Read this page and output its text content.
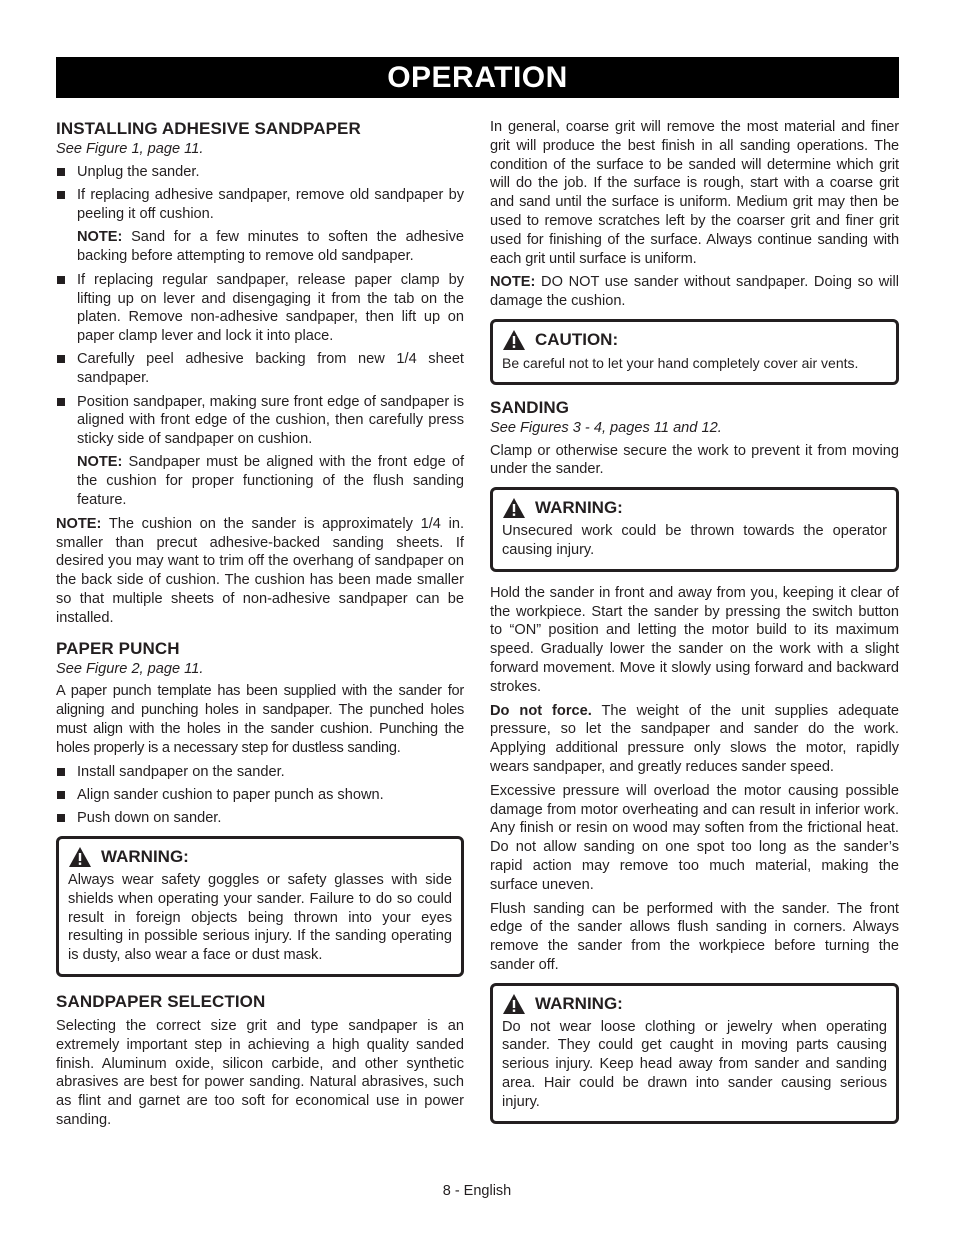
OPERATION
INSTALLING ADHESIVE SANDPAPER
See Figure 1, page 11.
Unplug the sander.
If replacing adhesive sandpaper, remove old sandpaper by peeling it off cushion.
NOTE: Sand for a few minutes to soften the adhesive backing before attempting to remove old sandpaper.
If replacing regular sandpaper, release paper clamp by lifting up on lever and disengaging it from the tab on the platen. Remove non-adhesive sandpaper, then lift up on paper clamp lever and lock it into place.
Carefully peel adhesive backing from new 1/4 sheet sandpaper.
Position sandpaper, making sure front edge of sandpaper is aligned with front edge of the cushion, then carefully press sticky side of sandpaper on cushion.
NOTE: Sandpaper must be aligned with the front edge of the cushion for proper functioning of the flush sanding feature.

NOTE: The cushion on the sander is approximately 1/4 in. smaller than precut adhesive-backed sanding sheets. If desired you may want to trim off the overhang of sandpaper on the back side of cushion. The cushion has been made smaller so that multiple sheets of non-adhesive sandpaper can be installed.

PAPER PUNCH
See Figure 2, page 11.

A paper punch template has been supplied with the sander for aligning and punching holes in sandpaper. The punched holes must align with the holes in the sander cushion. Punching the holes properly is a necessary step for dustless sanding.

Install sandpaper on the sander.
Align sander cushion to paper punch as shown.
Push down on sander.
WARNING:

Always wear safety goggles or safety glasses with side shields when operating your sander. Failure to do so could result in foreign objects being thrown into your eyes resulting in possible serious injury. If the sanding operating is dusty, also wear a face or dust mask.

SANDPAPER SELECTION

Selecting the correct size grit and type sandpaper is an extremely important step in achieving a high quality sanded finish. Aluminum oxide, silicon carbide, and other synthetic abrasives are best for power sanding. Natural abrasives, such as flint and garnet are too soft for economical use in power sanding.

In general, coarse grit will remove the most material and finer grit will produce the best finish in all sanding operations. The condition of the surface to be sanded will determine which grit will do the job. If the surface is rough, start with a coarse grit and sand until the surface is uniform. Medium grit may then be used to remove scratches left by the coarser grit and finer grit used for finishing of the surface. Always continue sanding with each grit until surface is uniform.

NOTE: DO NOT use sander without sandpaper. Doing so will damage the cushion.

CAUTION:

Be careful not to let your hand completely cover air vents.

SANDING
See Figures 3 - 4, pages 11 and 12.

Clamp or otherwise secure the work to prevent it from moving under the sander.

WARNING:

Unsecured work could be thrown towards the operator causing injury.

Hold the sander in front and away from you, keeping it clear of the workpiece. Start the sander by pressing the switch button to “ON” position and letting the motor build to its maximum speed. Gradually lower the sander on the work with a slight forward movement. Move it slowly using forward and backward strokes.

Do not force. The weight of the unit supplies adequate pressure, so let the sandpaper and sander do the work. Applying additional pressure only slows the motor, rapidly wears sandpaper, and greatly reduces sander speed.

Excessive pressure will overload the motor causing possible damage from motor overheating and can result in inferior work. Any finish or resin on wood may soften from the frictional heat. Do not allow sanding on one spot too long as the sander’s rapid action may remove too much material, making the surface uneven.

Flush sanding can be performed with the sander. The front edge of the sander allows flush sanding in corners. Always remove the sander from the workpiece before turning the sander off.

WARNING:

Do not wear loose clothing or jewelry when operating sander. They could get caught in moving parts causing serious injury. Keep head away from sander and sanding area. Hair could be drawn into sander causing serious injury.

8 - English
